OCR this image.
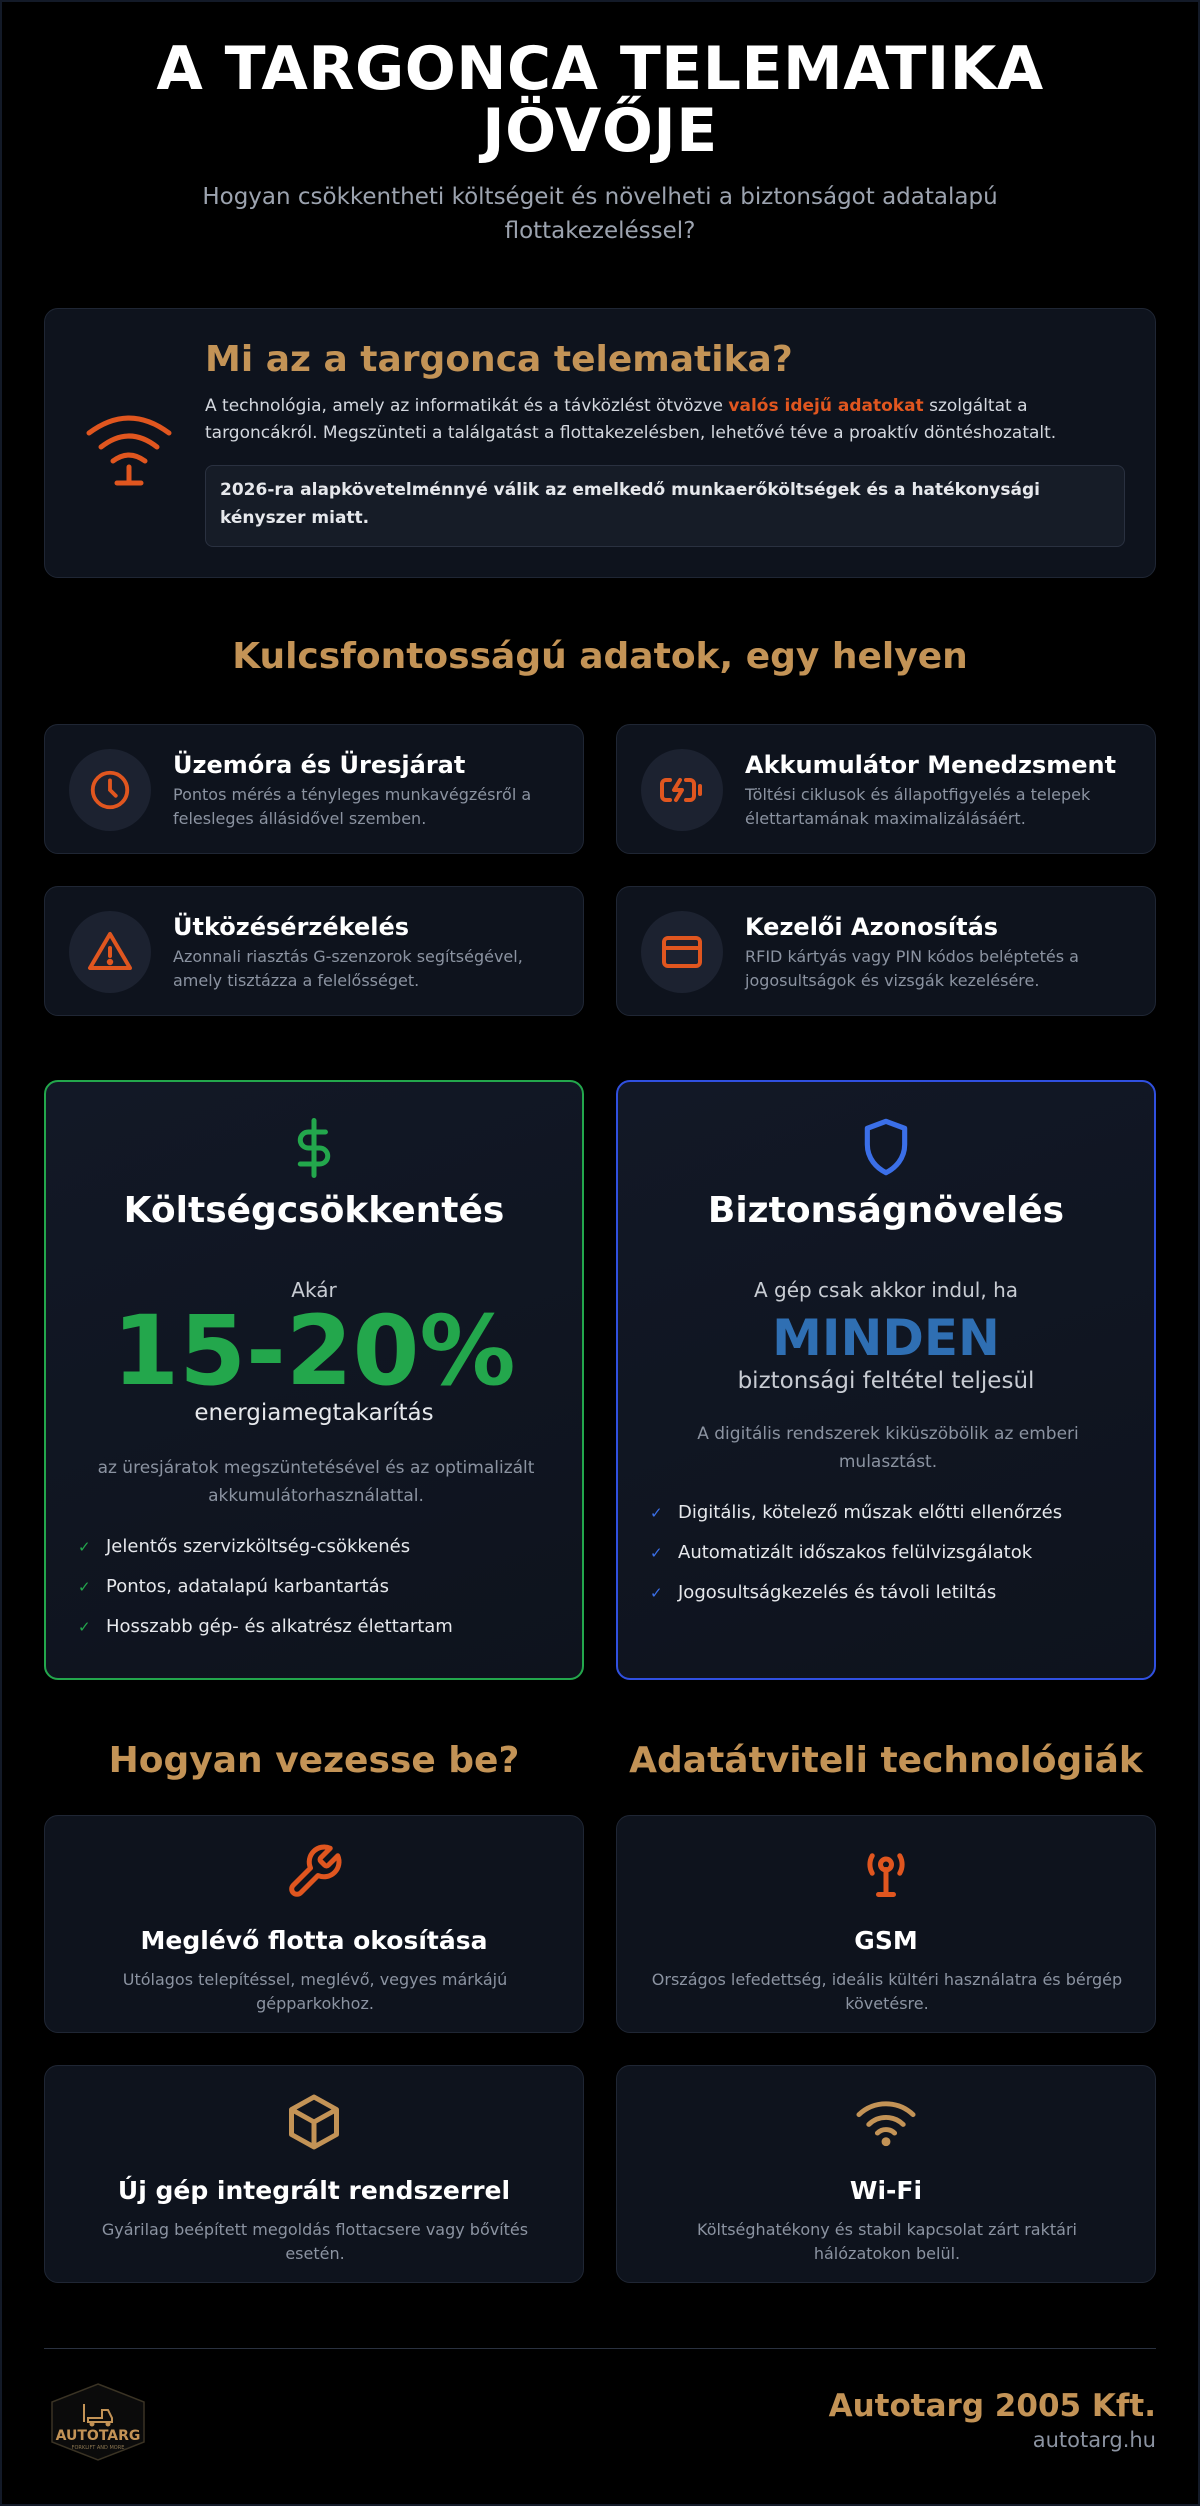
A TARGONCA TELEMATIKA JÖVŐJE

Hogyan csökkentheti költségeit és növelheti a biztonságot adatalapú flottakezeléssel?

Mi az a targonca telematika?

A technológia, amely az informatikát és a távközlést ötvözve valós idejű adatokat szolgáltat a targoncákról. Megszünteti a találgatást a flottakezelésben, lehetővé téve a proaktív döntéshozatalt.

2026-ra alapkövetelménnyé válik az emelkedő munkaerőköltségek és a hatékonysági kényszer miatt.
Kulcsfontosságú adatok, egy helyen
Üzemóra és Üresjárat
Pontos mérés a tényleges munkavégzésről a felesleges állásidővel szemben.
Akkumulátor Menedzsment
Töltési ciklusok és állapotfigyelés a telepek élettartamának maximalizálásáért.
Ütközésérzékelés
Azonnali riasztás G-szenzorok segítségével, amely tisztázza a felelősséget.
Kezelői Azonosítás
RFID kártyás vagy PIN kódos beléptetés a jogosultságok és vizsgák kezelésére.
Költségcsökkentés
Akár
15-20%
energiamegtakarítás
az üresjáratok megszüntetésével és az optimalizált akkumulátorhasználattal.
✓ Jelentős szervizköltség-csökkenés
✓ Pontos, adatalapú karbantartás
✓ Hosszabb gép- és alkatrész élettartam
Biztonságnövelés
A gép csak akkor indul, ha
MINDEN
biztonsági feltétel teljesül
A digitális rendszerek kiküszöbölik az emberi mulasztást.
✓ Digitális, kötelező műszak előtti ellenőrzés
✓ Automatizált időszakos felülvizsgálatok
✓ Jogosultságkezelés és távoli letiltás
Hogyan vezesse be?	Adatátviteli technológiák
Meglévő flotta okosítása
Utólagos telepítéssel, meglévő, vegyes márkájú gépparkokhoz.
GSM
Országos lefedettség, ideális kültéri használatra és bérgép követésre.
Új gép integrált rendszerrel
Gyárilag beépített megoldás flottacsere vagy bővítés esetén.
Wi-Fi
Költséghatékony és stabil kapcsolat zárt raktári hálózatokon belül.
AUTOTARG
FORKLIFT AND MORE
Autotarg 2005 Kft.
autotarg.hu
